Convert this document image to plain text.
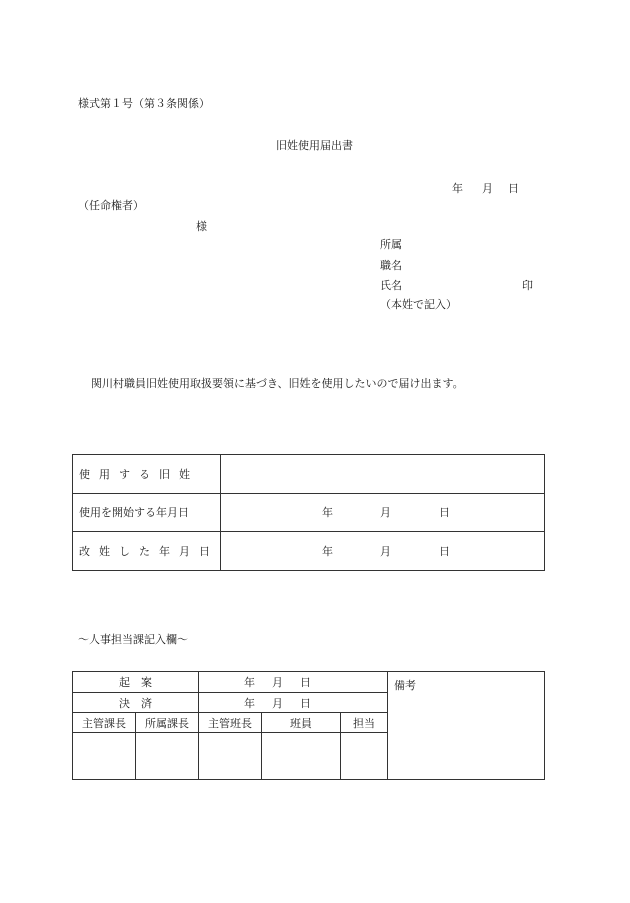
様式第１号（第３条関係）
旧姓使用届出書
年 月 日
（任命権者）
様
所属
職名
氏名	印
（本姓で記入）
関川村職員旧姓使用取扱要領に基づき、旧姓を使用したいので届け出ます。
使用する旧姓	

使用を開始する年月日	年 月 日

改姓した年月日	年 月 日
～人事担当課記入欄～
起　案		年 月 日			備考
決　済		年 月 日			

主管課長	所属課長	主管班長	班員	担当	
